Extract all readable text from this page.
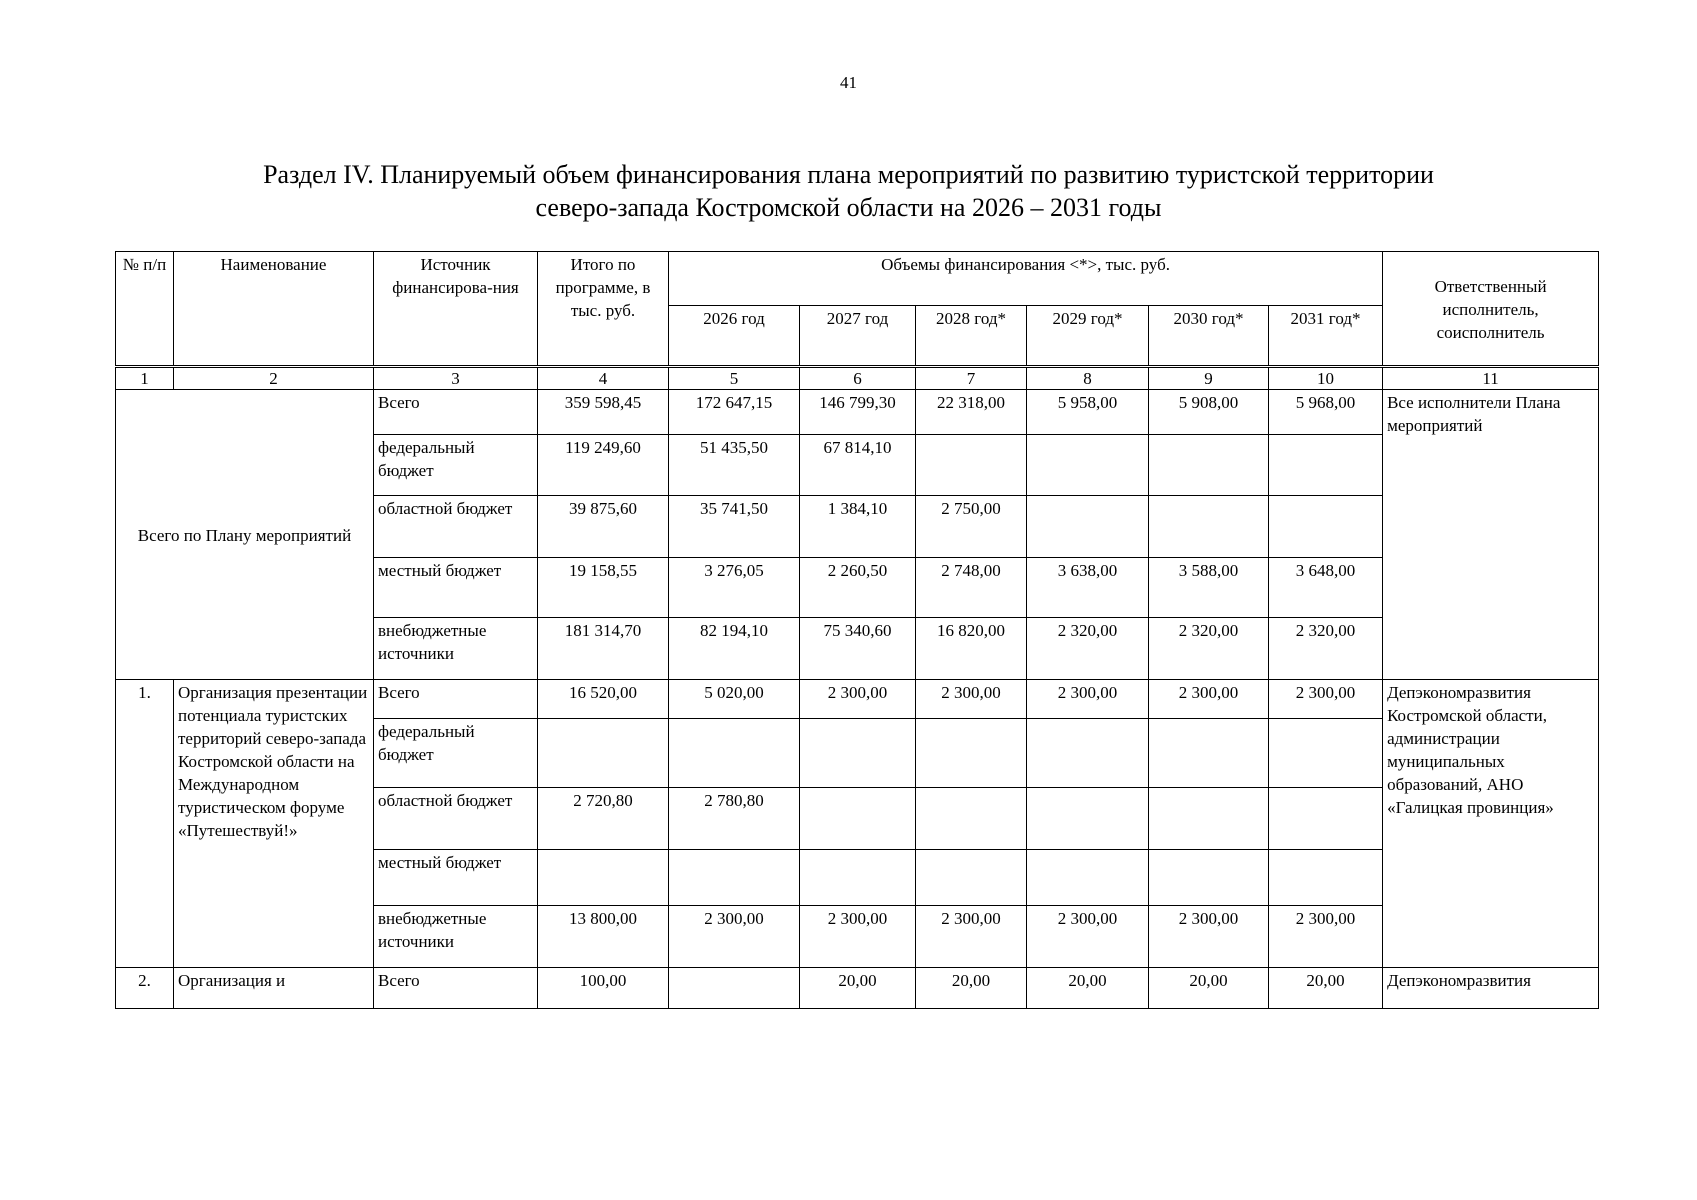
41
Раздел IV. Планируемый объем финансирования плана мероприятий по развитию туристской территории
северо-запада Костромской области на 2026 – 2031 годы
№ п/п	Наименование	Источник финансирова-ния	Итого по программе, в тыс. руб.	Объемы финансирования <*>, тыс. руб.						Ответственный исполнитель, соисполнитель
				2026 год	2027 год	2028 год*	2029 год*	2030 год*	2031 год*	

1	2	3	4	5	6	7	8	9	10	11
Всего по Плану мероприятий		Всего	359 598,45	172 647,15	146 799,30	22 318,00	5 958,00	5 908,00	5 968,00	Все исполнители Плана мероприятий
		федеральный бюджет	119 249,60	51 435,50	67 814,10					
		областной бюджет	39 875,60	35 741,50	1 384,10	2 750,00				
		местный бюджет	19 158,55	3 276,05	2 260,50	2 748,00	3 638,00	3 588,00	3 648,00	
		внебюджетные источники	181 314,70	82 194,10	75 340,60	16 820,00	2 320,00	2 320,00	2 320,00	
1.	Организация презентации потенциала туристских территорий северо-запада Костромской области на Международном туристическом форуме «Путешествуй!»	Всего	16 520,00	5 020,00	2 300,00	2 300,00	2 300,00	2 300,00	2 300,00	Депэкономразвития Костромской области, администрации муниципальных образований, АНО «Галицкая провинция»
		федеральный бюджет								
		областной бюджет	2 720,80	2 780,80						
		местный бюджет								
		внебюджетные источники	13 800,00	2 300,00	2 300,00	2 300,00	2 300,00	2 300,00	2 300,00	
2.	Организация и	Всего	100,00		20,00	20,00	20,00	20,00	20,00	Депэкономразвития
